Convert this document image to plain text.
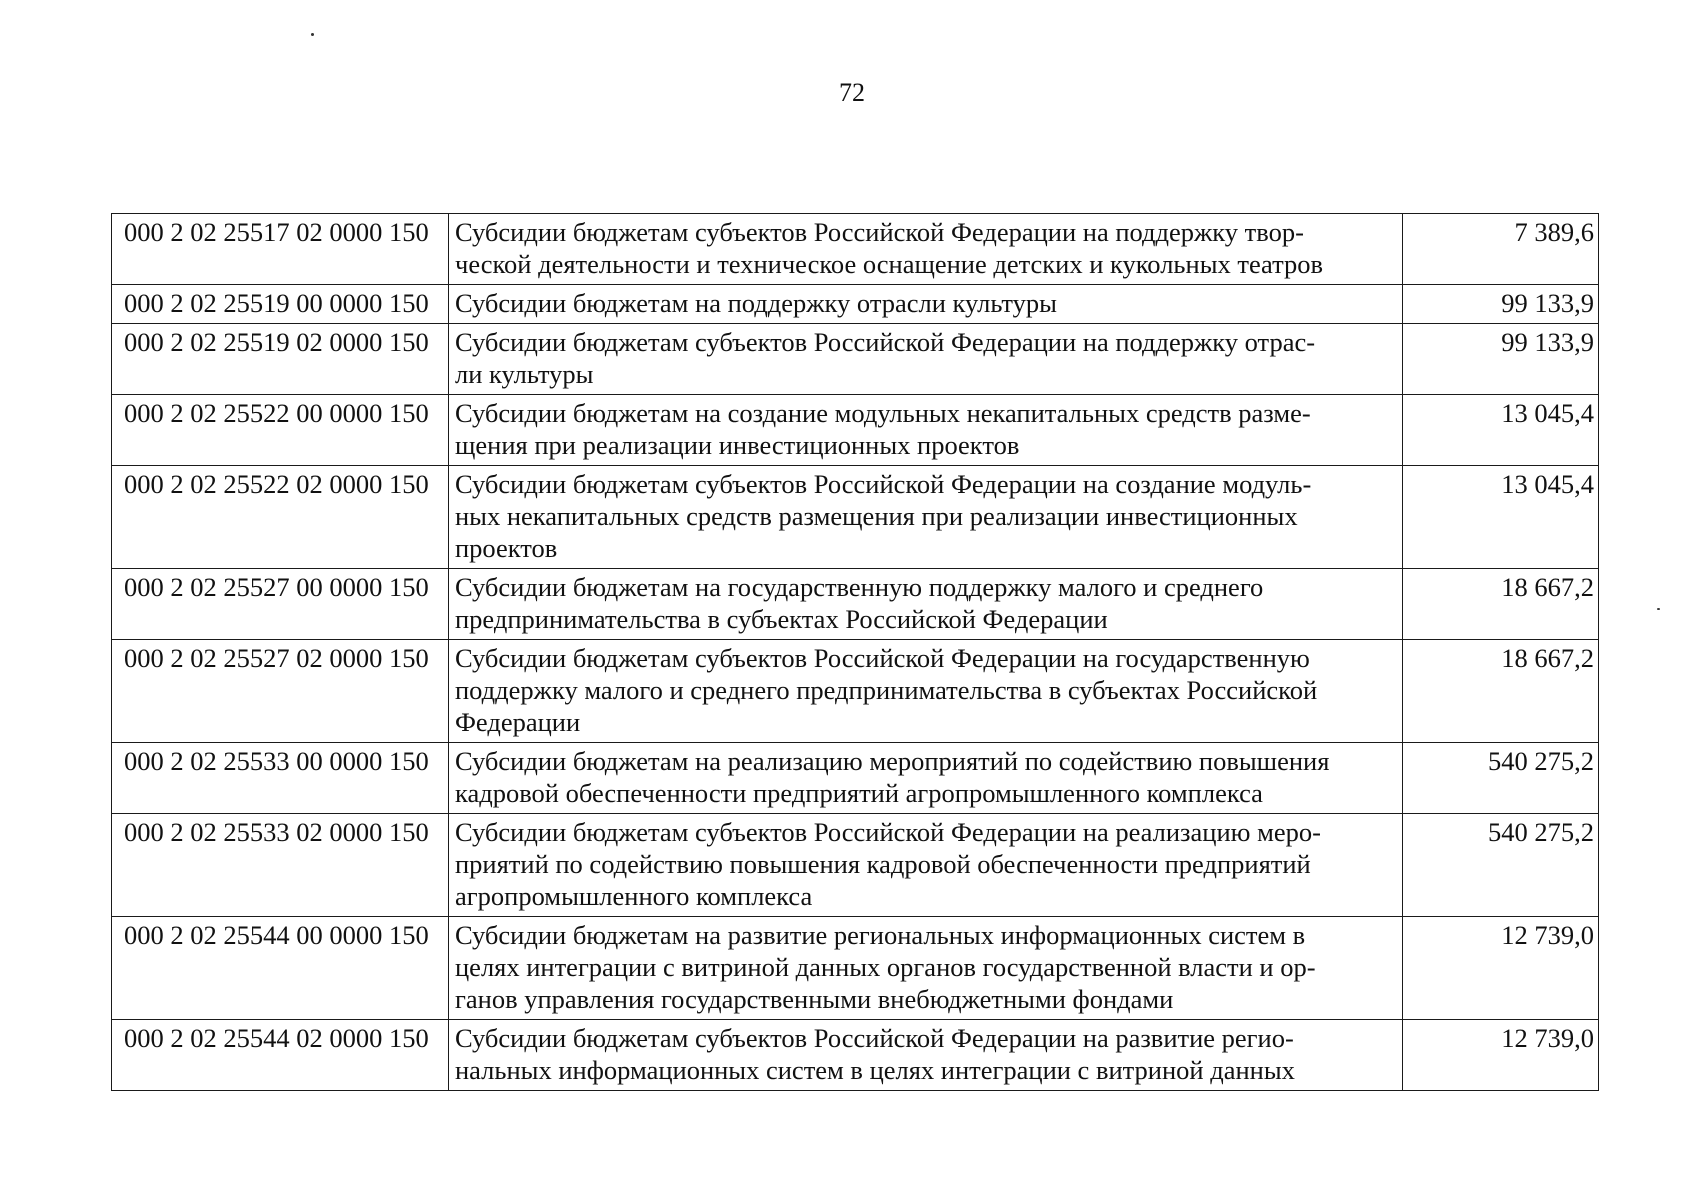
72
000 2 02 25517 02 0000 150	Субсидии бюджетам субъектов Российской Федерации на поддержку твор-
ческой деятельности и техническое оснащение детских и кукольных театров	7 389,6
000 2 02 25519 00 0000 150	Субсидии бюджетам на поддержку отрасли культуры	99 133,9
000 2 02 25519 02 0000 150	Субсидии бюджетам субъектов Российской Федерации на поддержку отрас-
ли культуры	99 133,9
000 2 02 25522 00 0000 150	Субсидии бюджетам на создание модульных некапитальных средств разме-
щения при реализации инвестиционных проектов	13 045,4
000 2 02 25522 02 0000 150	Субсидии бюджетам субъектов Российской Федерации на создание модуль-
ных некапитальных средств размещения при реализации инвестиционных
проектов	13 045,4
000 2 02 25527 00 0000 150	Субсидии бюджетам на государственную поддержку малого и среднего
предпринимательства в субъектах Российской Федерации	18 667,2
000 2 02 25527 02 0000 150	Субсидии бюджетам субъектов Российской Федерации на государственную
поддержку малого и среднего предпринимательства в субъектах Российской
Федерации	18 667,2
000 2 02 25533 00 0000 150	Субсидии бюджетам на реализацию мероприятий по содействию повышения
кадровой обеспеченности предприятий агропромышленного комплекса	540 275,2
000 2 02 25533 02 0000 150	Субсидии бюджетам субъектов Российской Федерации на реализацию меро-
приятий по содействию повышения кадровой обеспеченности предприятий
агропромышленного комплекса	540 275,2
000 2 02 25544 00 0000 150	Субсидии бюджетам на развитие региональных информационных систем в
целях интеграции с витриной данных органов государственной власти и ор-
ганов управления государственными внебюджетными фондами	12 739,0
000 2 02 25544 02 0000 150	Субсидии бюджетам субъектов Российской Федерации на развитие регио-
нальных информационных систем в целях интеграции с витриной данных	12 739,0
